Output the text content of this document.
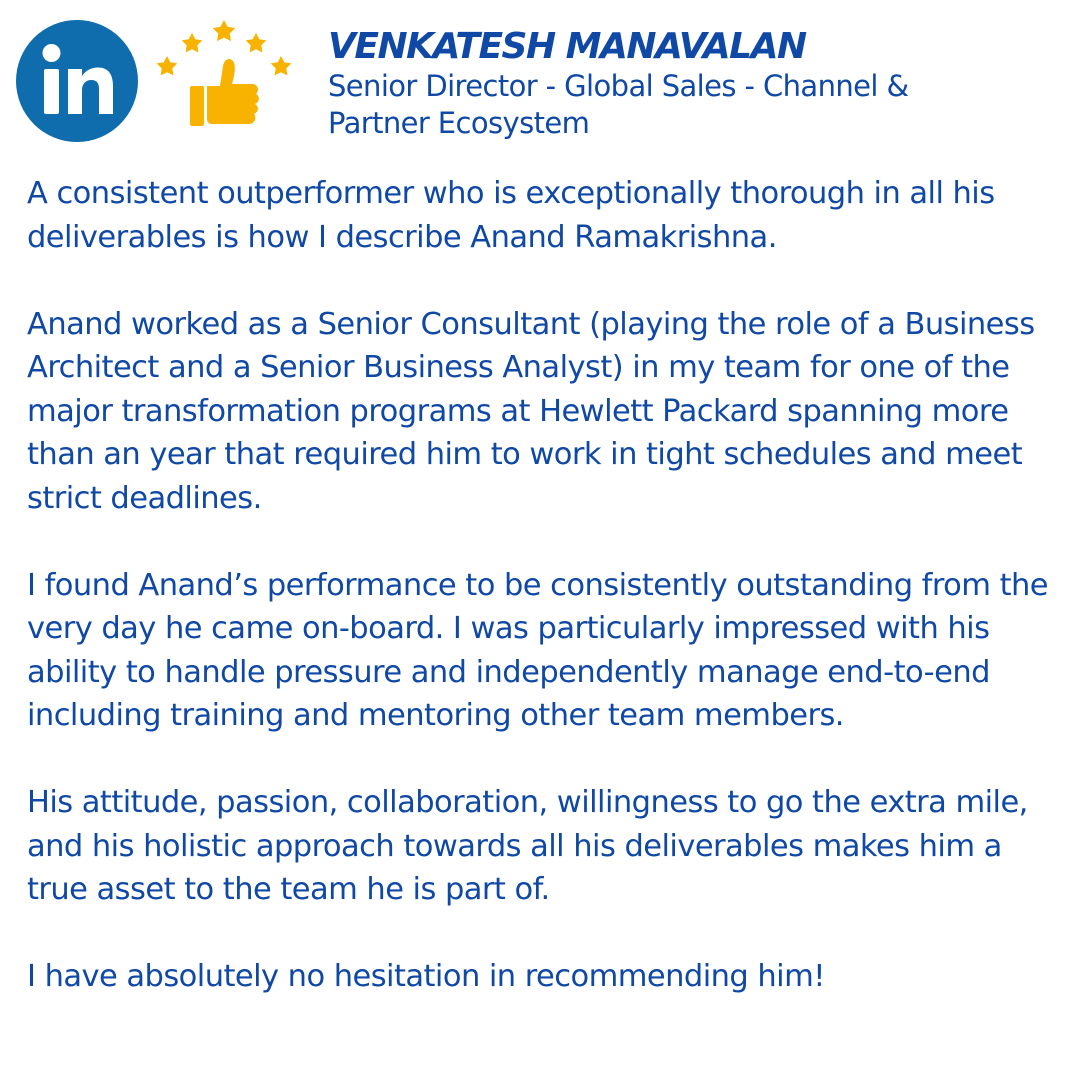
VENKATESH MANAVALAN

Senior Director - Global Sales - Channel & Partner Ecosystem

A consistent outperformer who is exceptionally thorough in all his deliverables is how I describe Anand Ramakrishna.

Anand worked as a Senior Consultant (playing the role of a Business Architect and a Senior Business Analyst) in my team for one of the major transformation programs at Hewlett Packard spanning more than an year that required him to work in tight schedules and meet strict deadlines.

I found Anand’s performance to be consistently outstanding from the very day he came on-board. I was particularly impressed with his ability to handle pressure and independently manage end-to-end including training and mentoring other team members.

His attitude, passion, collaboration, willingness to go the extra mile, and his holistic approach towards all his deliverables makes him a true asset to the team he is part of.

I have absolutely no hesitation in recommending him!
